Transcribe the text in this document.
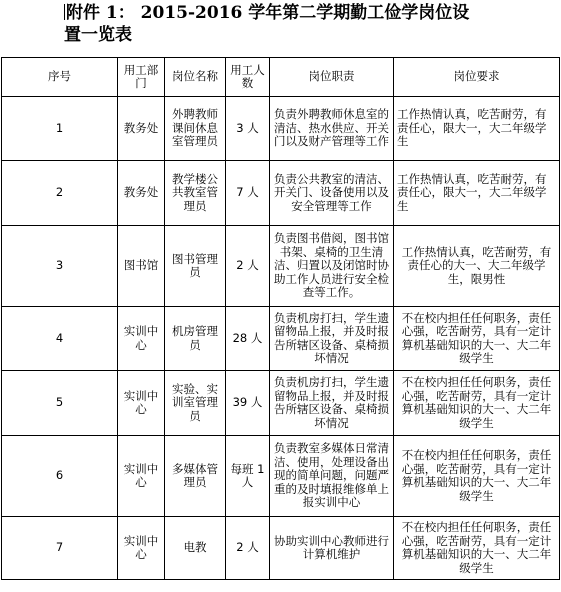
附件 1： 2015-2016 学年第二学期勤工俭学岗位设
置一览表
序号	用工部门	岗位名称	用工人数	岗位职责	岗位要求
1	教务处	外聘教师课间休息室管理员	3 人	负责外聘教师休息室的清洁、热水供应、开关门以及财产管理等工作	工作热情认真，吃苦耐劳，有责任心，限大一，大二年级学生
2	教务处	教学楼公共教室管理员	7 人	负责公共教室的清洁、开关门、设备使用以及安全管理等工作	工作热情认真，吃苦耐劳，有责任心，限大一，大二年级学生
3	图书馆	图书管理员	2 人	负责图书借阅，图书馆书架、桌椅的卫生清洁、归置以及闭馆时协助工作人员进行安全检查等工作。	工作热情认真，吃苦耐劳，有责任心的大一、大二年级学生，限男性
4	实训中心	机房管理员	28 人	负责机房打扫，学生遗留物品上报，并及时报告所辖区设备、桌椅损坏情况	不在校内担任任何职务，责任心强，吃苦耐劳，具有一定计算机基础知识的大一、大二年级学生
5	实训中心	实验、实训室管理员	39 人	负责机房打扫，学生遗留物品上报，并及时报告所辖区设备、桌椅损坏情况	不在校内担任任何职务，责任心强，吃苦耐劳，具有一定计算机基础知识的大一、大二年级学生
6	实训中心	多媒体管理员	每班 1 人	负责教室多媒体日常清洁、使用，处理设备出现的简单问题，问题严重的及时填报维修单上报实训中心	不在校内担任任何职务，责任心强，吃苦耐劳，具有一定计算机基础知识的大一、大二年级学生
7	实训中心	电教	2 人	协助实训中心教师进行计算机维护	不在校内担任任何职务，责任心强，吃苦耐劳，具有一定计算机基础知识的大一、大二年级学生
